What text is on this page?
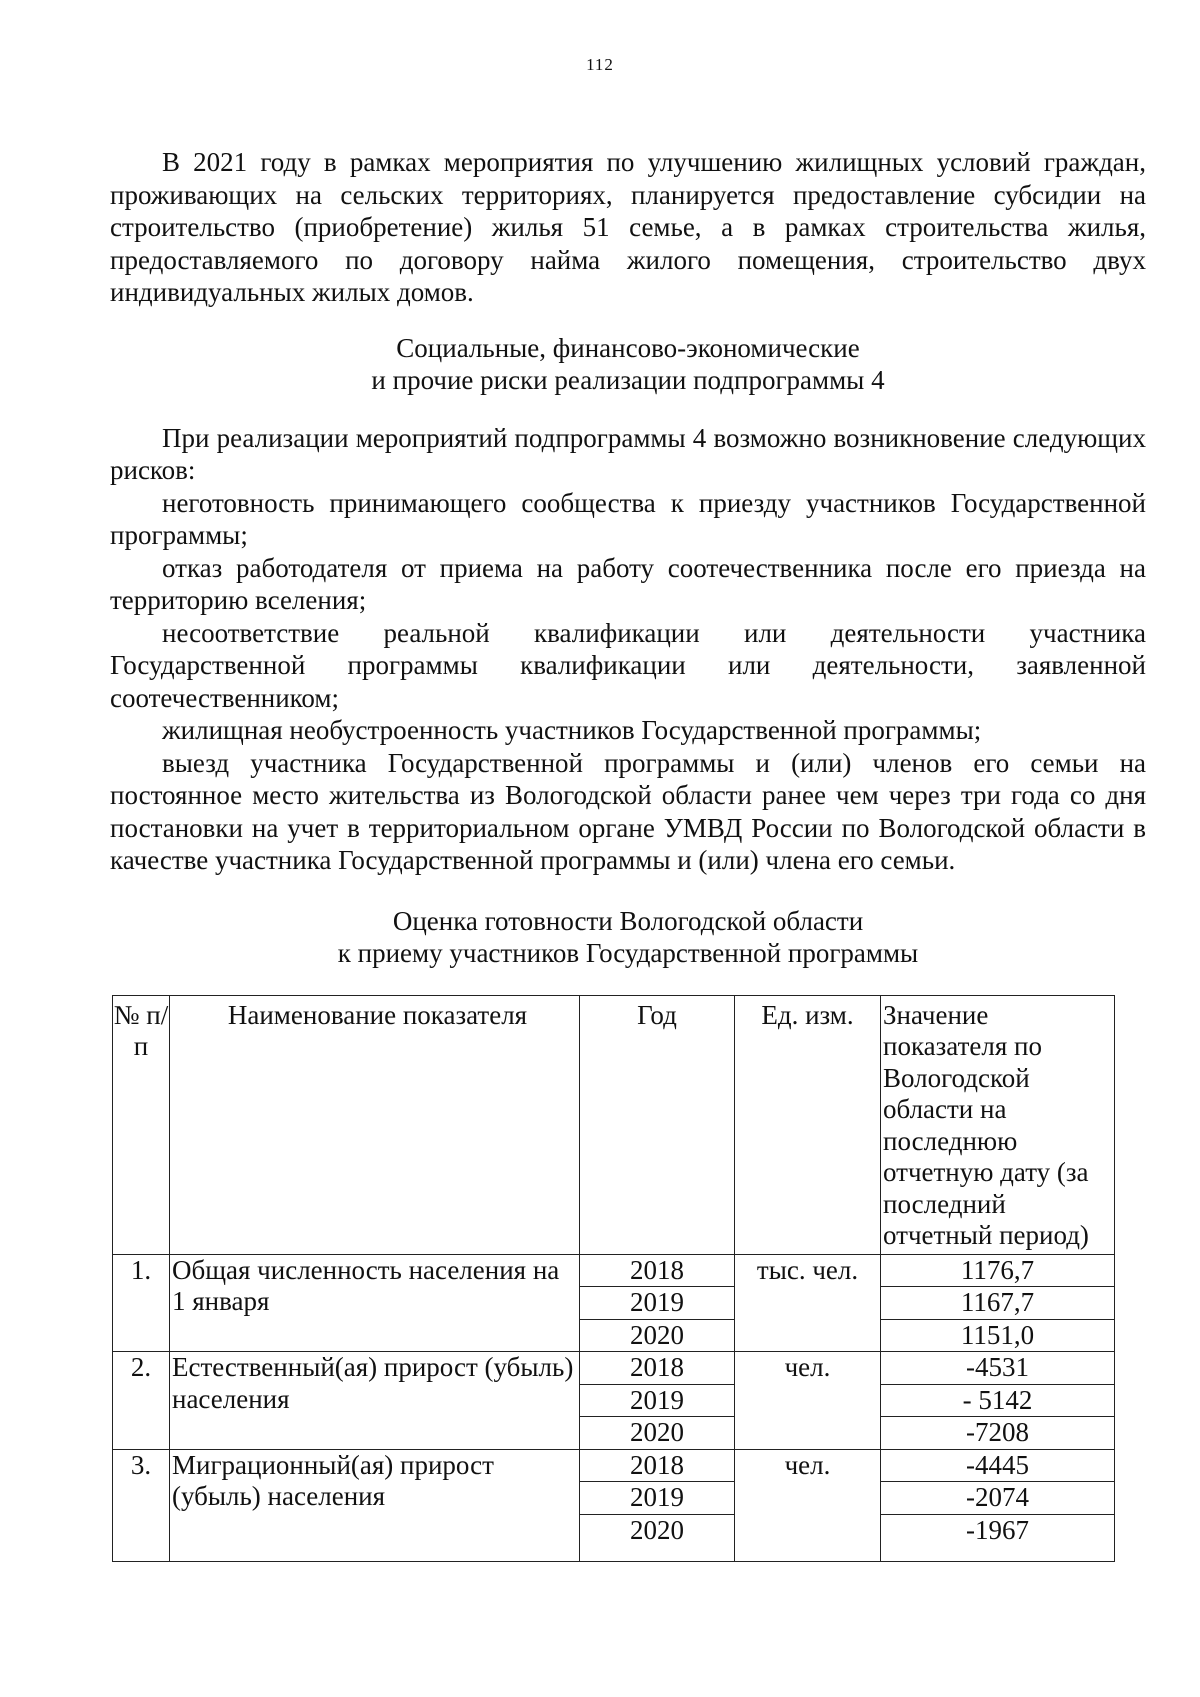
112

В 2021 году в рамках мероприятия по улучшению жилищных условий граждан, проживающих на сельских территориях, планируется предоставление субсидии на строительство (приобретение) жилья 51 семье, а в рамках строительства жилья, предоставляемого по договору найма жилого помещения, строительство двух индивидуальных жилых домов.

Социальные, финансово-экономические
и прочие риски реализации подпрограммы 4

При реализации мероприятий подпрограммы 4 возможно возникновение следующих рисков:

неготовность принимающего сообщества к приезду участников Государственной программы;

отказ работодателя от приема на работу соотечественника после его приезда на территорию вселения;

несоответствие реальной квалификации или деятельности участника Государственной программы квалификации или деятельности, заявленной соотечественником;

жилищная необустроенность участников Государственной программы;

выезд участника Государственной программы и (или) членов его семьи на постоянное место жительства из Вологодской области ранее чем через три года со дня постановки на учет в территориальном органе УМВД России по Вологодской области в качестве участника Государственной программы и (или) члена его семьи.

Оценка готовности Вологодской области
к приему участников Государственной программы
№ п/п	Наименование показателя	Год	Ед. изм.	Значение показателя по Вологодской области на последнюю отчетную дату (за последний отчетный период)
1.	Общая численность населения на 1 января	2018	тыс. чел.	1176,7
		2019		1167,7
		2020		1151,0
2.	Естественный(ая) прирост (убыль) населения	2018	чел.	-4531
		2019		- 5142
		2020		-7208
3.	Миграционный(ая) прирост (убыль) населения	2018	чел.	-4445
		2019		-2074
		2020		-1967
